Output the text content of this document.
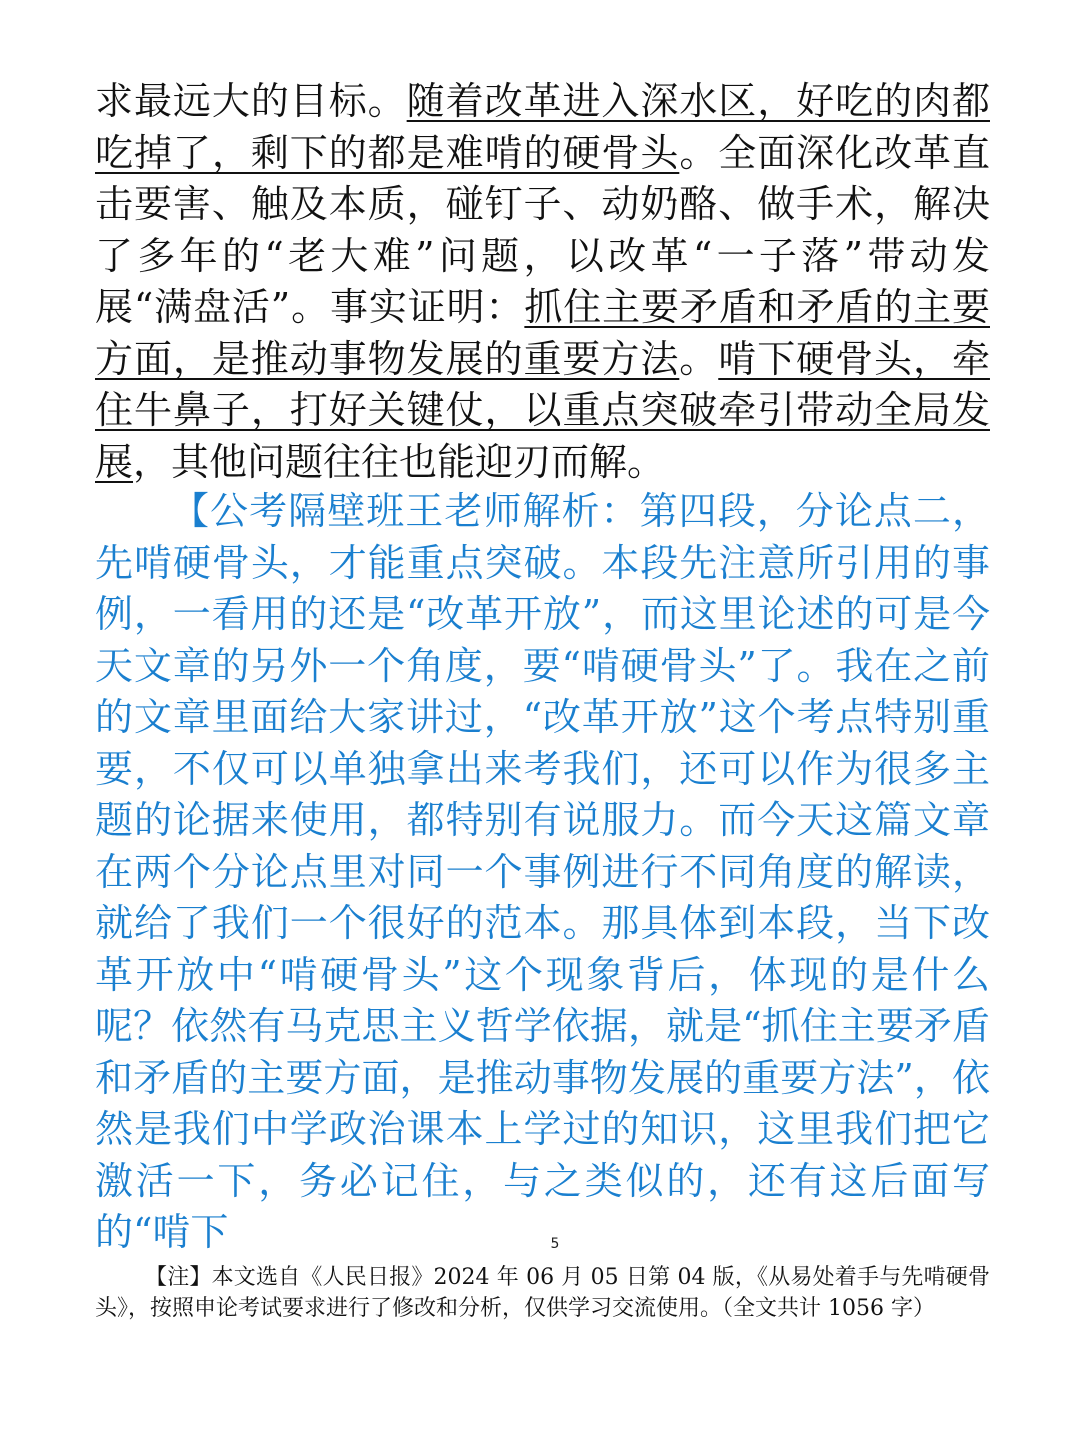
求最远大的目标。随着改革进入深水区，好吃的肉都吃掉了，剩下的都是难啃的硬骨头。全面深化改革直击要害、触及本质，碰钉子、动奶酪、做手术，解决了多年的“老大难”问题，以改革“一子落”带动发展“满盘活”。事实证明：抓住主要矛盾和矛盾的主要方面，是推动事物发展的重要方法。啃下硬骨头，牵住牛鼻子，打好关键仗，以重点突破牵引带动全局发展，其他问题往往也能迎刃而解。

【公考隔壁班王老师解析：第四段，分论点二，先啃硬骨头，才能重点突破。本段先注意所引用的事例，一看用的还是“改革开放”，而这里论述的可是今天文章的另外一个角度，要“啃硬骨头”了。我在之前的文章里面给大家讲过，“改革开放”这个考点特别重要，不仅可以单独拿出来考我们，还可以作为很多主题的论据来使用，都特别有说服力。而今天这篇文章在两个分论点里对同一个事例进行不同角度的解读，就给了我们一个很好的范本。那具体到本段，当下改革开放中“啃硬骨头”这个现象背后，体现的是什么呢？依然有马克思主义哲学依据，就是“抓住主要矛盾和矛盾的主要方面，是推动事物发展的重要方法”，依然是我们中学政治课本上学过的知识，这里我们把它激活一下，务必记住，与之类似的，还有这后面写的“啃下	5

【注】本文选自《人民日报》2024 年 06 月 05 日第 04 版，《从易处着手与先啃硬骨头》，按照申论考试要求进行了修改和分析，仅供学习交流使用。（全文共计 1056 字）
